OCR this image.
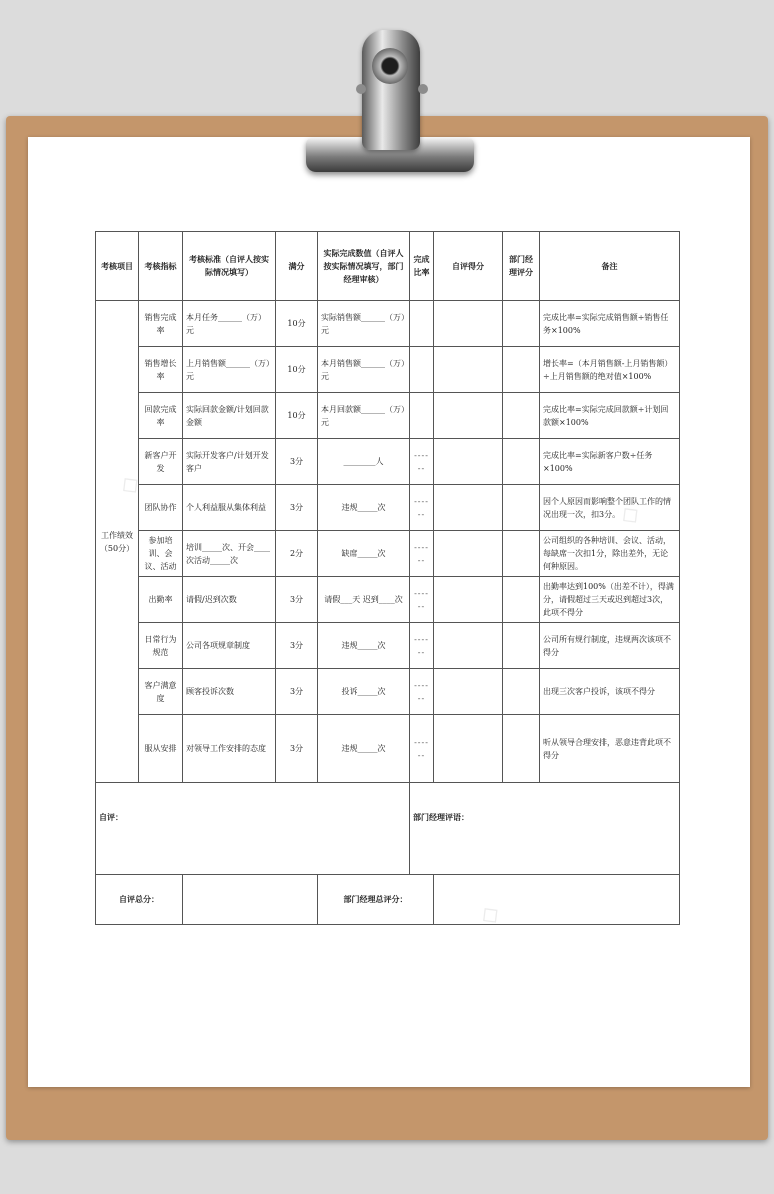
◇
◇
◇
考核项目	考核指标	考核标准（自评人按实际情况填写）	满分	实际完成数值（自评人按实际情况填写，部门经理审核）	完成比率	自评得分	部门经理评分	备注
工作绩效（50分）	销售完成率	本月任务______（万）元	10分	实际销售额______（万）元				完成比率=实际完成销售额÷销售任务×100%
	销售增长率	上月销售额______（万）元	10分	本月销售额______（万）元				增长率=（本月销售额-上月销售额）÷上月销售额的绝对值×100%
	回款完成率	实际回款金额/计划回款金额	10分	本月回款额______（万）元				完成比率=实际完成回款额÷计划回款额×100%
	新客户开发	实际开发客户/计划开发客户	3分	________人	------			完成比率=实际新客户数÷任务×100%
	团队协作	个人利益服从集体利益	3分	违规_____次	------			因个人原因而影响整个团队工作的情况出现一次，扣3分。
	参加培训、会议、活动	培训_____次、开会____次活动_____次	2分	缺席_____次	------			公司组织的各种培训、会议、活动，每缺席一次扣1分，除出差外，无论何种原因。
	出勤率	请假/迟到次数	3分	请假___天 迟到____次	------			出勤率达到100%（出差不计），得满分，请假超过三天或迟到超过3次，此项不得分
	日常行为规范	公司各项规章制度	3分	违规_____次	------			公司所有规行制度，违规两次该项不得分
	客户满意度	顾客投诉次数	3分	投诉_____次	------			出现三次客户投诉，该项不得分
	服从安排	对领导工作安排的态度	3分	违规_____次	------			听从领导合理安排，恶意违背此项不得分
自评：					部门经理评语：			
自评总分：				部门经理总评分：				
